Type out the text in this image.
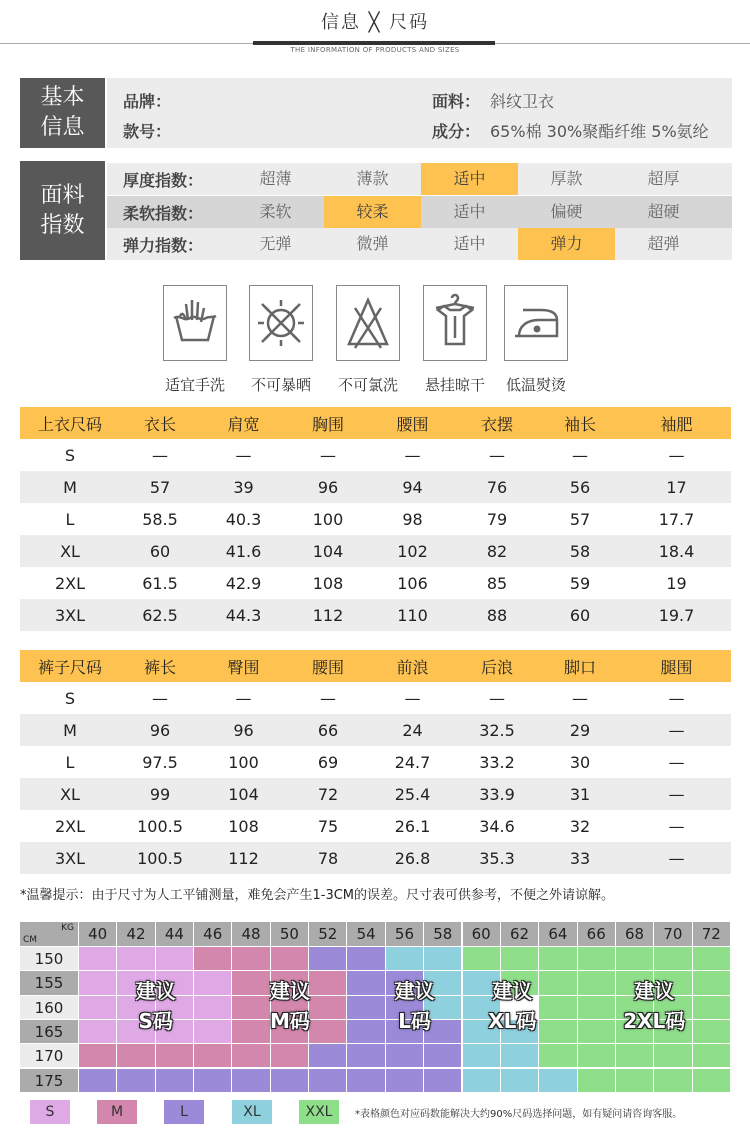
信息 ╳ 尺码
THE INFORMATION OF PRODUCTS AND SIZES
基本
信息
品牌：
款号：
面料： 斜纹卫衣
成分： 65%棉 30%聚酯纤维 5%氨纶
面料
指数
厚度指数：	超薄	薄款	适中	厚款	超厚
柔软指数：	柔软	较柔	适中	偏硬	超硬
弹力指数：	无弹	微弹	适中	弹力	超弹
适宜手洗	不可暴晒	不可氯洗	悬挂晾干	低温熨烫
上衣尺码	衣长	肩宽	胸围	腰围	衣摆	袖长	袖肥
S	—	—	—	—	—	—	—
M	57	39	96	94	76	56	17
L	58.5	40.3	100	98	79	57	17.7
XL	60	41.6	104	102	82	58	18.4
2XL	61.5	42.9	108	106	85	59	19
3XL	62.5	44.3	112	110	88	60	19.7
裤子尺码	裤长	臀围	腰围	前浪	后浪	脚口	腿围
S	—	—	—	—	—	—	—
M	96	96	66	24	32.5	29	—
L	97.5	100	69	24.7	33.2	30	—
XL	99	104	72	25.4	33.9	31	—
2XL	100.5	108	75	26.1	34.6	32	—
3XL	100.5	112	78	26.8	35.3	33	—
*温馨提示：由于尺寸为人工平铺测量，难免会产生1-3CM的误差。尺寸表可供参考，不便之外请谅解。
KG
CM	40	42	44	46	48	50	52	54	56	58	60	62	64	66	68	70	72
150
155
160
165
170
175
建议
S码
建议
M码
建议
L码
建议
XL码
建议
2XL码
S	M	L	XL	XXL	*表格颜色对应码数能解决大约90%尺码选择问题，如有疑问请咨询客服。
